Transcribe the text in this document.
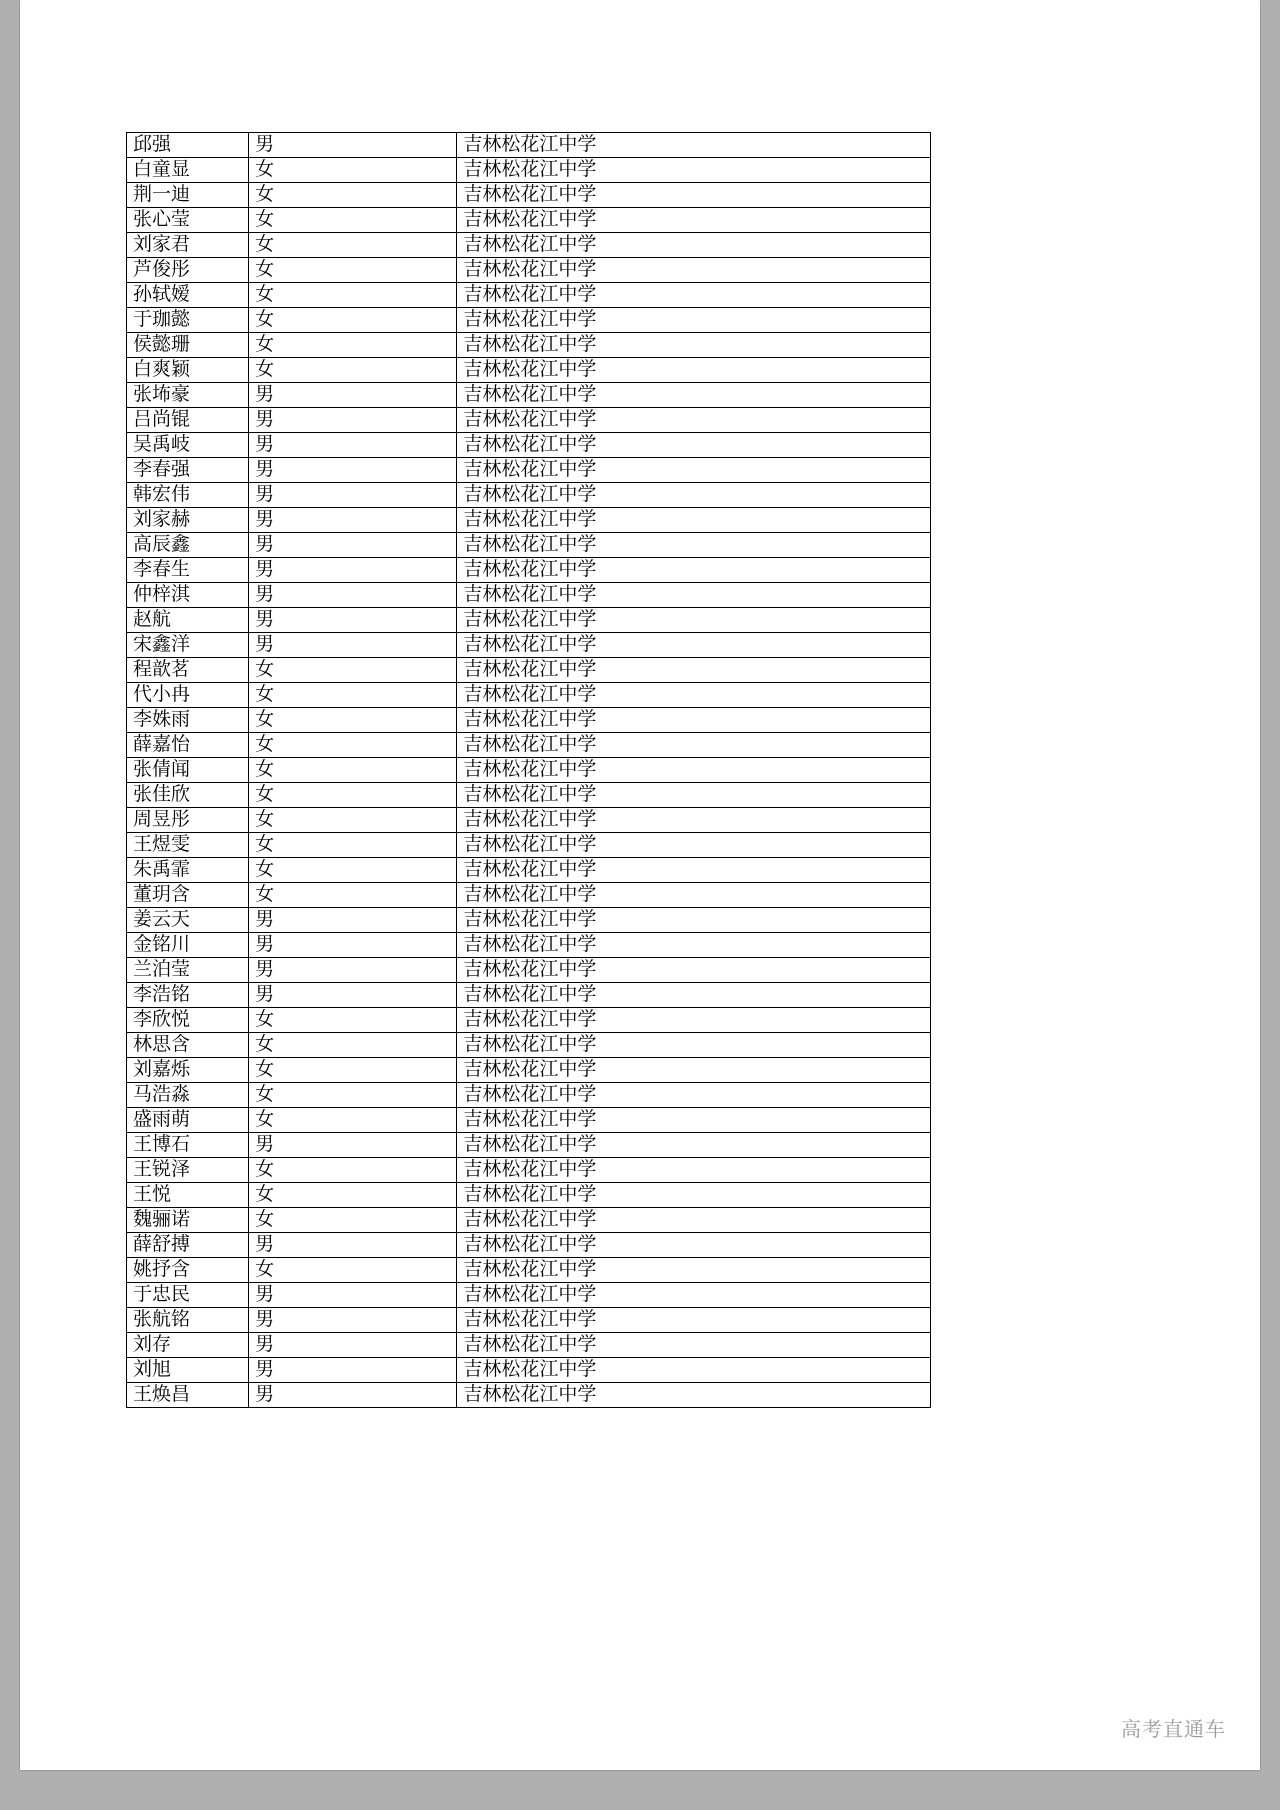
邱强	男	吉林松花江中学
白童显	女	吉林松花江中学
荆一迪	女	吉林松花江中学
张心莹	女	吉林松花江中学
刘家君	女	吉林松花江中学
芦俊彤	女	吉林松花江中学
孙轼嫒	女	吉林松花江中学
于珈懿	女	吉林松花江中学
侯懿珊	女	吉林松花江中学
白爽颖	女	吉林松花江中学
张㘵豪	男	吉林松花江中学
吕尚锟	男	吉林松花江中学
吴禹岐	男	吉林松花江中学
李春强	男	吉林松花江中学
韩宏伟	男	吉林松花江中学
刘家赫	男	吉林松花江中学
高辰鑫	男	吉林松花江中学
李春生	男	吉林松花江中学
仲梓淇	男	吉林松花江中学
赵航	男	吉林松花江中学
宋鑫洋	男	吉林松花江中学
程歆茗	女	吉林松花江中学
代小冉	女	吉林松花江中学
李姝雨	女	吉林松花江中学
薛嘉怡	女	吉林松花江中学
张倩闻	女	吉林松花江中学
张佳欣	女	吉林松花江中学
周昱彤	女	吉林松花江中学
王煜雯	女	吉林松花江中学
朱禹霏	女	吉林松花江中学
董玥含	女	吉林松花江中学
姜云天	男	吉林松花江中学
金铭川	男	吉林松花江中学
兰泊莹	男	吉林松花江中学
李浩铭	男	吉林松花江中学
李欣悦	女	吉林松花江中学
林思含	女	吉林松花江中学
刘嘉烁	女	吉林松花江中学
马浩淼	女	吉林松花江中学
盛雨萌	女	吉林松花江中学
王博石	男	吉林松花江中学
王锐泽	女	吉林松花江中学
王悦	女	吉林松花江中学
魏骊诺	女	吉林松花江中学
薛舒搏	男	吉林松花江中学
姚抒含	女	吉林松花江中学
于忠民	男	吉林松花江中学
张航铭	男	吉林松花江中学
刘存	男	吉林松花江中学
刘旭	男	吉林松花江中学
王焕昌	男	吉林松花江中学
高考直通车
